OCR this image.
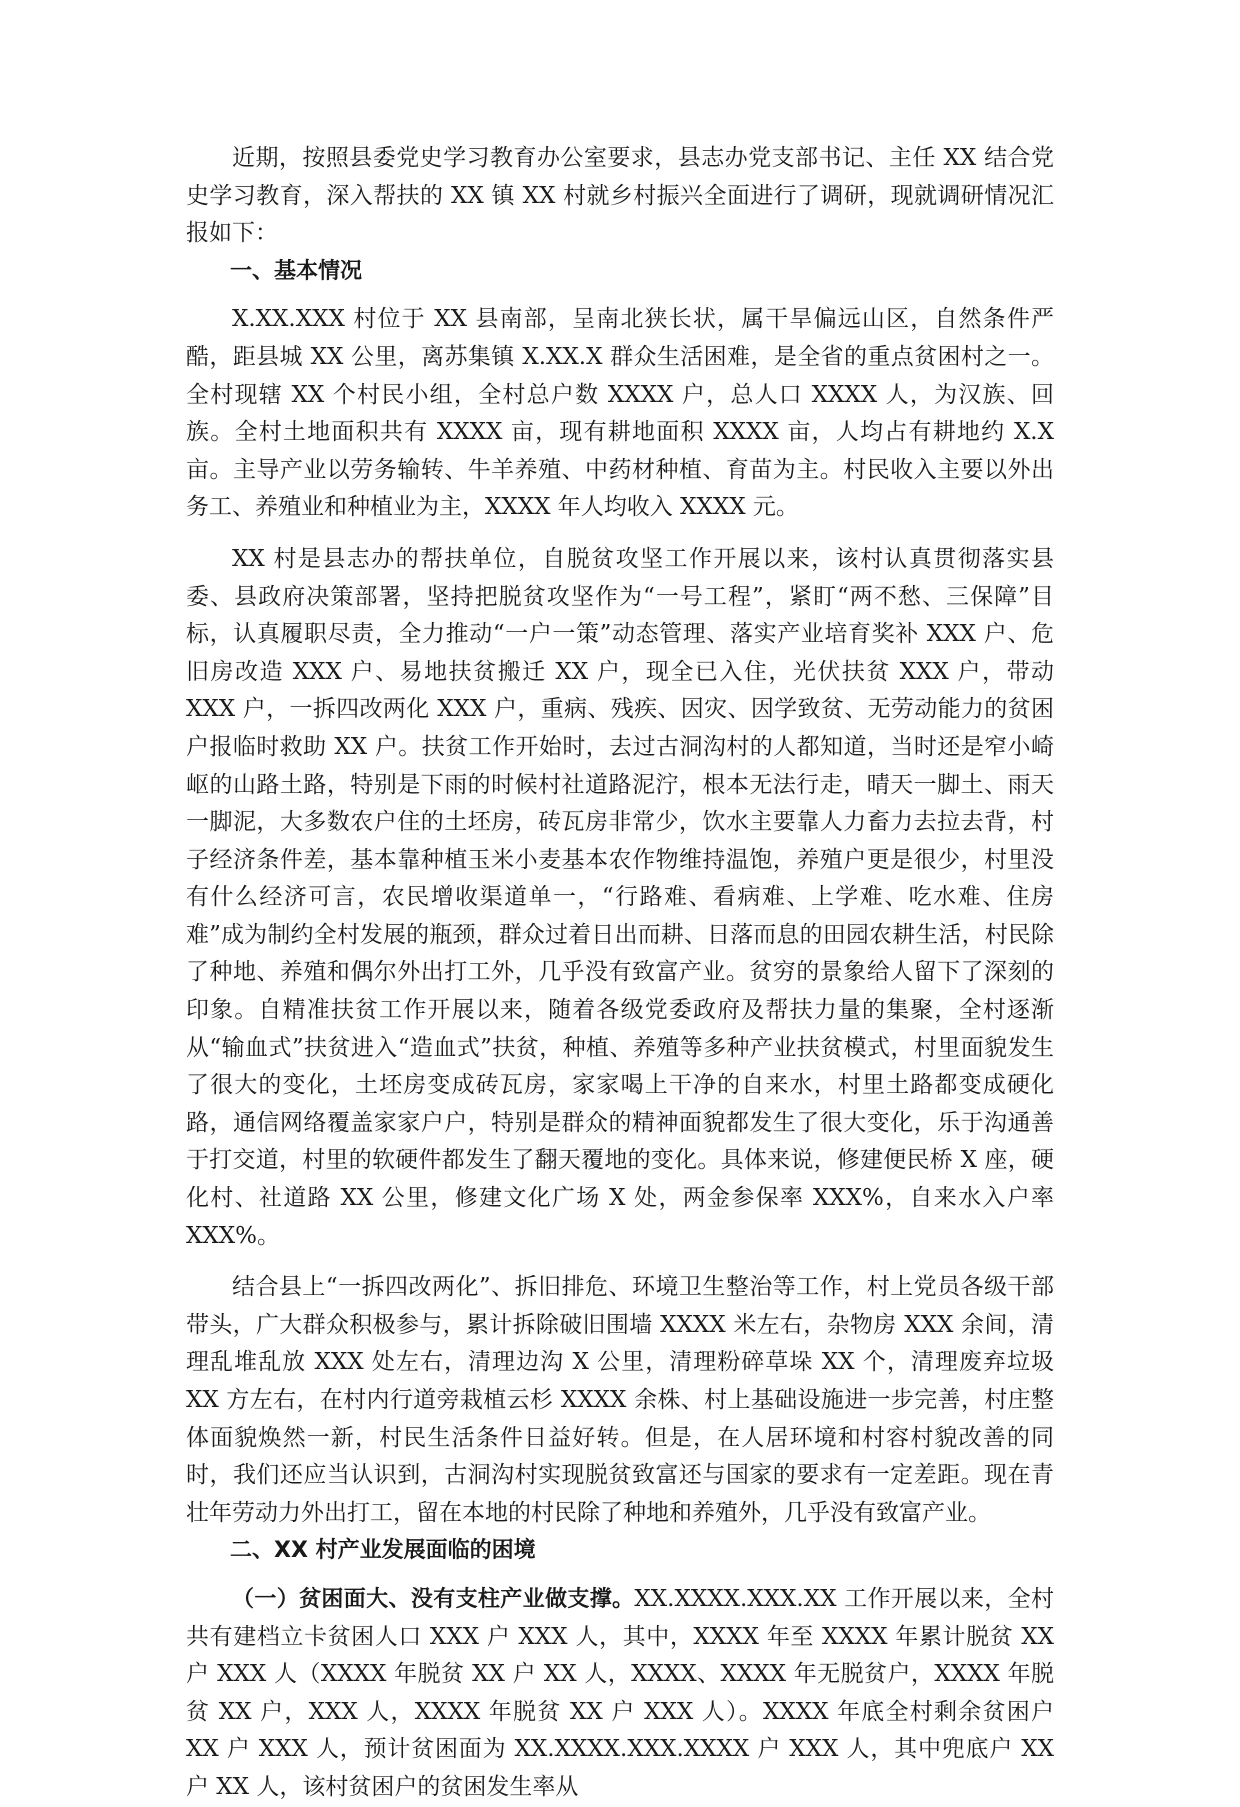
近期，按照县委党史学习教育办公室要求，县志办党支部书记、主任 XX 结合党史学习教育，深入帮扶的 XX 镇 XX 村就乡村振兴全面进行了调研，现就调研情况汇报如下：

一、基本情况

X.XX.XXX 村位于 XX 县南部，呈南北狭长状，属干旱偏远山区，自然条件严酷，距县城 XX 公里，离苏集镇 X.XX.X 群众生活困难，是全省的重点贫困村之一。全村现辖 XX 个村民小组，全村总户数 XXXX 户，总人口 XXXX 人，为汉族、回族。全村土地面积共有 XXXX 亩，现有耕地面积 XXXX 亩，人均占有耕地约 X.X 亩。主导产业以劳务输转、牛羊养殖、中药材种植、育苗为主。村民收入主要以外出务工、养殖业和种植业为主，XXXX 年人均收入 XXXX 元。

XX 村是县志办的帮扶单位，自脱贫攻坚工作开展以来，该村认真贯彻落实县委、县政府决策部署，坚持把脱贫攻坚作为“一号工程”，紧盯“两不愁、三保障”目标，认真履职尽责，全力推动“一户一策”动态管理、落实产业培育奖补 XXX 户、危旧房改造 XXX 户、易地扶贫搬迁 XX 户，现全已入住，光伏扶贫 XXX 户，带动 XXX 户，一拆四改两化 XXX 户，重病、残疾、因灾、因学致贫、无劳动能力的贫困户报临时救助 XX 户。扶贫工作开始时，去过古洞沟村的人都知道，当时还是窄小崎岖的山路土路，特别是下雨的时候村社道路泥泞，根本无法行走，晴天一脚土、雨天一脚泥，大多数农户住的土坯房，砖瓦房非常少，饮水主要靠人力畜力去拉去背，村子经济条件差，基本靠种植玉米小麦基本农作物维持温饱，养殖户更是很少，村里没有什么经济可言，农民增收渠道单一，“行路难、看病难、上学难、吃水难、住房难”成为制约全村发展的瓶颈，群众过着日出而耕、日落而息的田园农耕生活，村民除了种地、养殖和偶尔外出打工外，几乎没有致富产业。贫穷的景象给人留下了深刻的印象。自精准扶贫工作开展以来，随着各级党委政府及帮扶力量的集聚，全村逐渐从“输血式”扶贫进入“造血式”扶贫，种植、养殖等多种产业扶贫模式，村里面貌发生了很大的变化，土坯房变成砖瓦房，家家喝上干净的自来水，村里土路都变成硬化路，通信网络覆盖家家户户，特别是群众的精神面貌都发生了很大变化，乐于沟通善于打交道，村里的软硬件都发生了翻天覆地的变化。具体来说，修建便民桥 X 座，硬化村、社道路 XX 公里，修建文化广场 X 处，两金参保率 XXX%，自来水入户率 XXX%。

结合县上“一拆四改两化”、拆旧排危、环境卫生整治等工作，村上党员各级干部带头，广大群众积极参与，累计拆除破旧围墙 XXXX 米左右，杂物房 XXX 余间，清理乱堆乱放 XXX 处左右，清理边沟 X 公里，清理粉碎草垛 XX 个，清理废弃垃圾 XX 方左右，在村内行道旁栽植云杉 XXXX 余株、村上基础设施进一步完善，村庄整体面貌焕然一新，村民生活条件日益好转。但是，在人居环境和村容村貌改善的同时，我们还应当认识到，古洞沟村实现脱贫致富还与国家的要求有一定差距。现在青壮年劳动力外出打工，留在本地的村民除了种地和养殖外，几乎没有致富产业。

二、XX 村产业发展面临的困境

（一）贫困面大、没有支柱产业做支撑。XX.XXXX.XXX.XX 工作开展以来，全村共有建档立卡贫困人口 XXX 户 XXX 人，其中，XXXX 年至 XXXX 年累计脱贫 XX 户 XXX 人（XXXX 年脱贫 XX 户 XX 人，XXXX、XXXX 年无脱贫户，XXXX 年脱贫 XX 户，XXX 人，XXXX 年脱贫 XX 户 XXX 人）。XXXX 年底全村剩余贫困户 XX 户 XXX 人，预计贫困面为 XX.XXXX.XXX.XXXX 户 XXX 人，其中兜底户 XX 户 XX 人，该村贫困户的贫困发生率从
